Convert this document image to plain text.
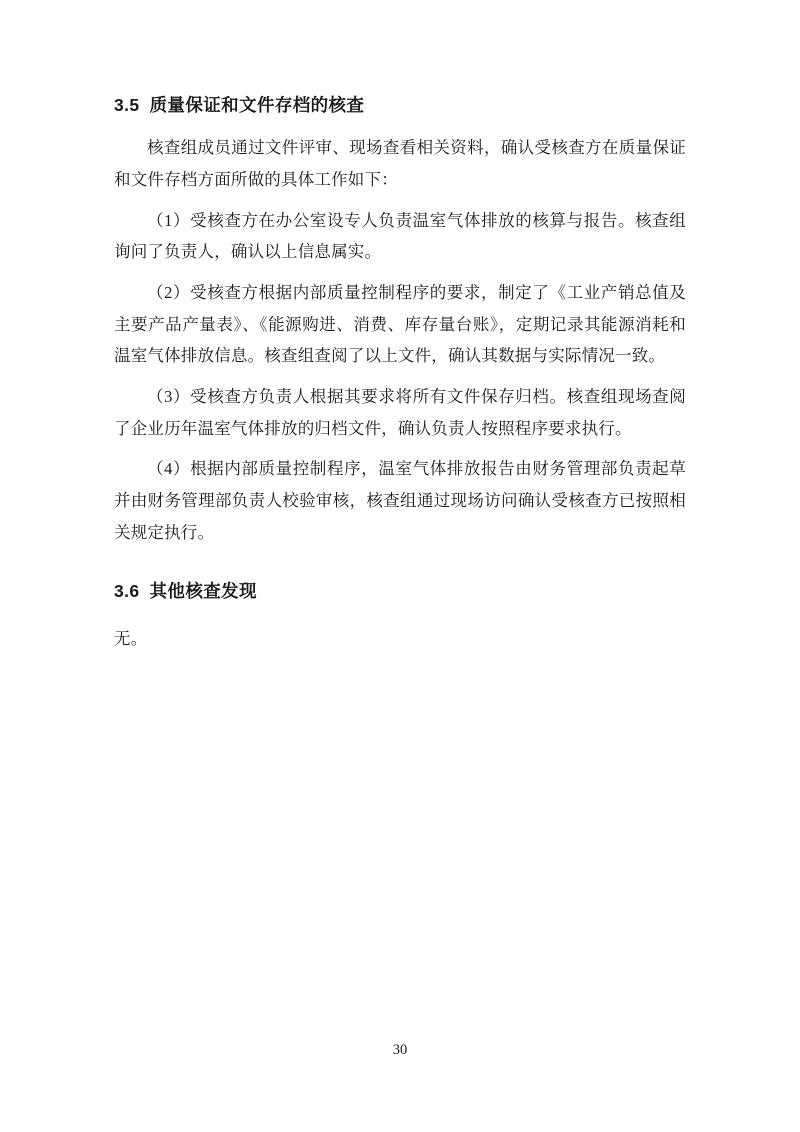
3.5 质量保证和文件存档的核查

核查组成员通过文件评审、现场查看相关资料，确认受核查方在质量保证和文件存档方面所做的具体工作如下：

（1）受核查方在办公室设专人负责温室气体排放的核算与报告。核查组询问了负责人，确认以上信息属实。

（2）受核查方根据内部质量控制程序的要求，制定了《工业产销总值及主要产品产量表》、《能源购进、消费、库存量台账》，定期记录其能源消耗和温室气体排放信息。核查组查阅了以上文件，确认其数据与实际情况一致。

（3）受核查方负责人根据其要求将所有文件保存归档。核查组现场查阅了企业历年温室气体排放的归档文件，确认负责人按照程序要求执行。

（4）根据内部质量控制程序，温室气体排放报告由财务管理部负责起草并由财务管理部负责人校验审核，核查组通过现场访问确认受核查方已按照相关规定执行。

3.6 其他核查发现

无。

30
